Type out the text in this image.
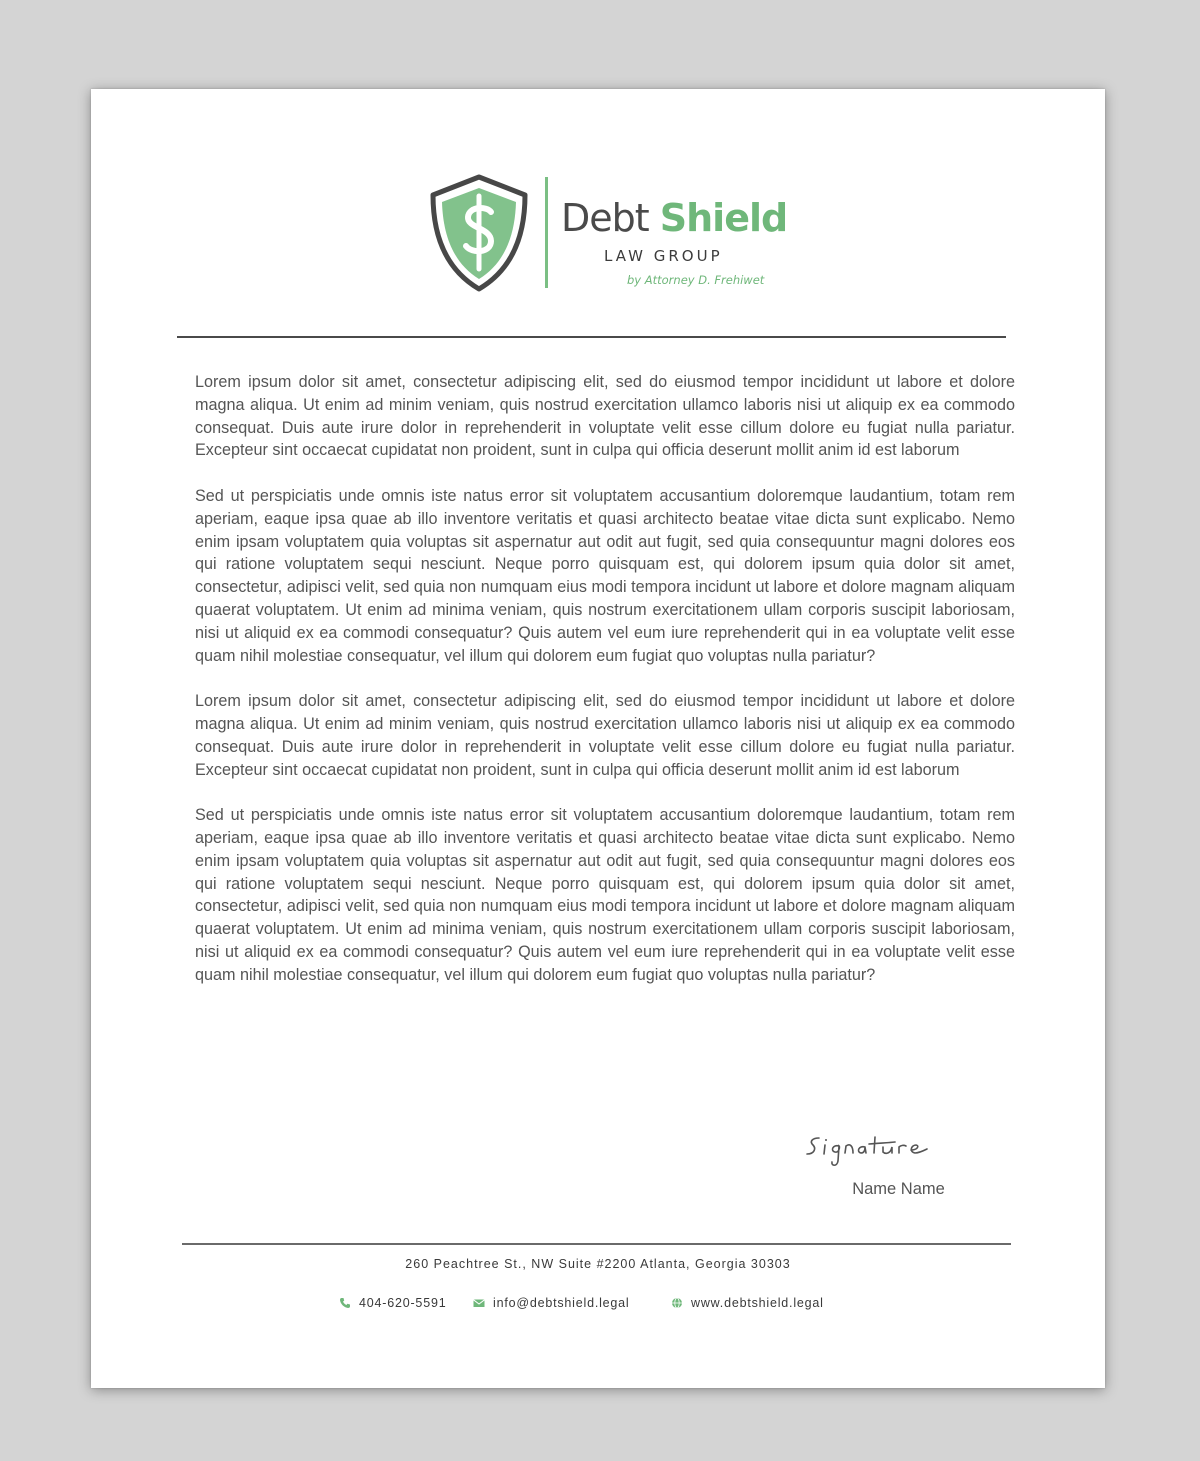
Debt Shield
LAW GROUP
by Attorney D. Frehiwet

Lorem ipsum dolor sit amet, consectetur adipiscing elit, sed do eiusmod tempor incididunt ut labore et dolore magna aliqua. Ut enim ad minim veniam, quis nostrud exercitation ullamco laboris nisi ut aliquip ex ea commodo consequat. Duis aute irure dolor in reprehenderit in voluptate velit esse cillum dolore eu fugiat nulla pariatur. Excepteur sint occaecat cupidatat non proident, sunt in culpa qui officia deserunt mollit anim id est laborum

Sed ut perspiciatis unde omnis iste natus error sit voluptatem accusantium doloremque laudantium, totam rem aperiam, eaque ipsa quae ab illo inventore veritatis et quasi architecto beatae vitae dicta sunt explicabo. Nemo enim ipsam voluptatem quia voluptas sit aspernatur aut odit aut fugit, sed quia consequuntur magni dolores eos qui ratione voluptatem sequi nesciunt. Neque porro quisquam est, qui dolorem ipsum quia dolor sit amet, consectetur, adipisci velit, sed quia non numquam eius modi tempora incidunt ut labore et dolore magnam aliquam quaerat voluptatem. Ut enim ad minima veniam, quis nostrum exercitationem ullam corporis suscipit laboriosam, nisi ut aliquid ex ea commodi consequatur? Quis autem vel eum iure reprehenderit qui in ea voluptate velit esse quam nihil molestiae consequatur, vel illum qui dolorem eum fugiat quo voluptas nulla pariatur?

Lorem ipsum dolor sit amet, consectetur adipiscing elit, sed do eiusmod tempor incididunt ut labore et dolore magna aliqua. Ut enim ad minim veniam, quis nostrud exercitation ullamco laboris nisi ut aliquip ex ea commodo consequat. Duis aute irure dolor in reprehenderit in voluptate velit esse cillum dolore eu fugiat nulla pariatur. Excepteur sint occaecat cupidatat non proident, sunt in culpa qui officia deserunt mollit anim id est laborum

Sed ut perspiciatis unde omnis iste natus error sit voluptatem accusantium doloremque laudantium, totam rem aperiam, eaque ipsa quae ab illo inventore veritatis et quasi architecto beatae vitae dicta sunt explicabo. Nemo enim ipsam voluptatem quia voluptas sit aspernatur aut odit aut fugit, sed quia consequuntur magni dolores eos qui ratione voluptatem sequi nesciunt. Neque porro quisquam est, qui dolorem ipsum quia dolor sit amet, consectetur, adipisci velit, sed quia non numquam eius modi tempora incidunt ut labore et dolore magnam aliquam quaerat voluptatem. Ut enim ad minima veniam, quis nostrum exercitationem ullam corporis suscipit laboriosam, nisi ut aliquid ex ea commodi consequatur? Quis autem vel eum iure reprehenderit qui in ea voluptate velit esse quam nihil molestiae consequatur, vel illum qui dolorem eum fugiat quo voluptas nulla pariatur?

Name Name
260 Peachtree St., NW Suite #2200 Atlanta, Georgia 30303
404-620-5591	info@debtshield.legal	www.debtshield.legal
